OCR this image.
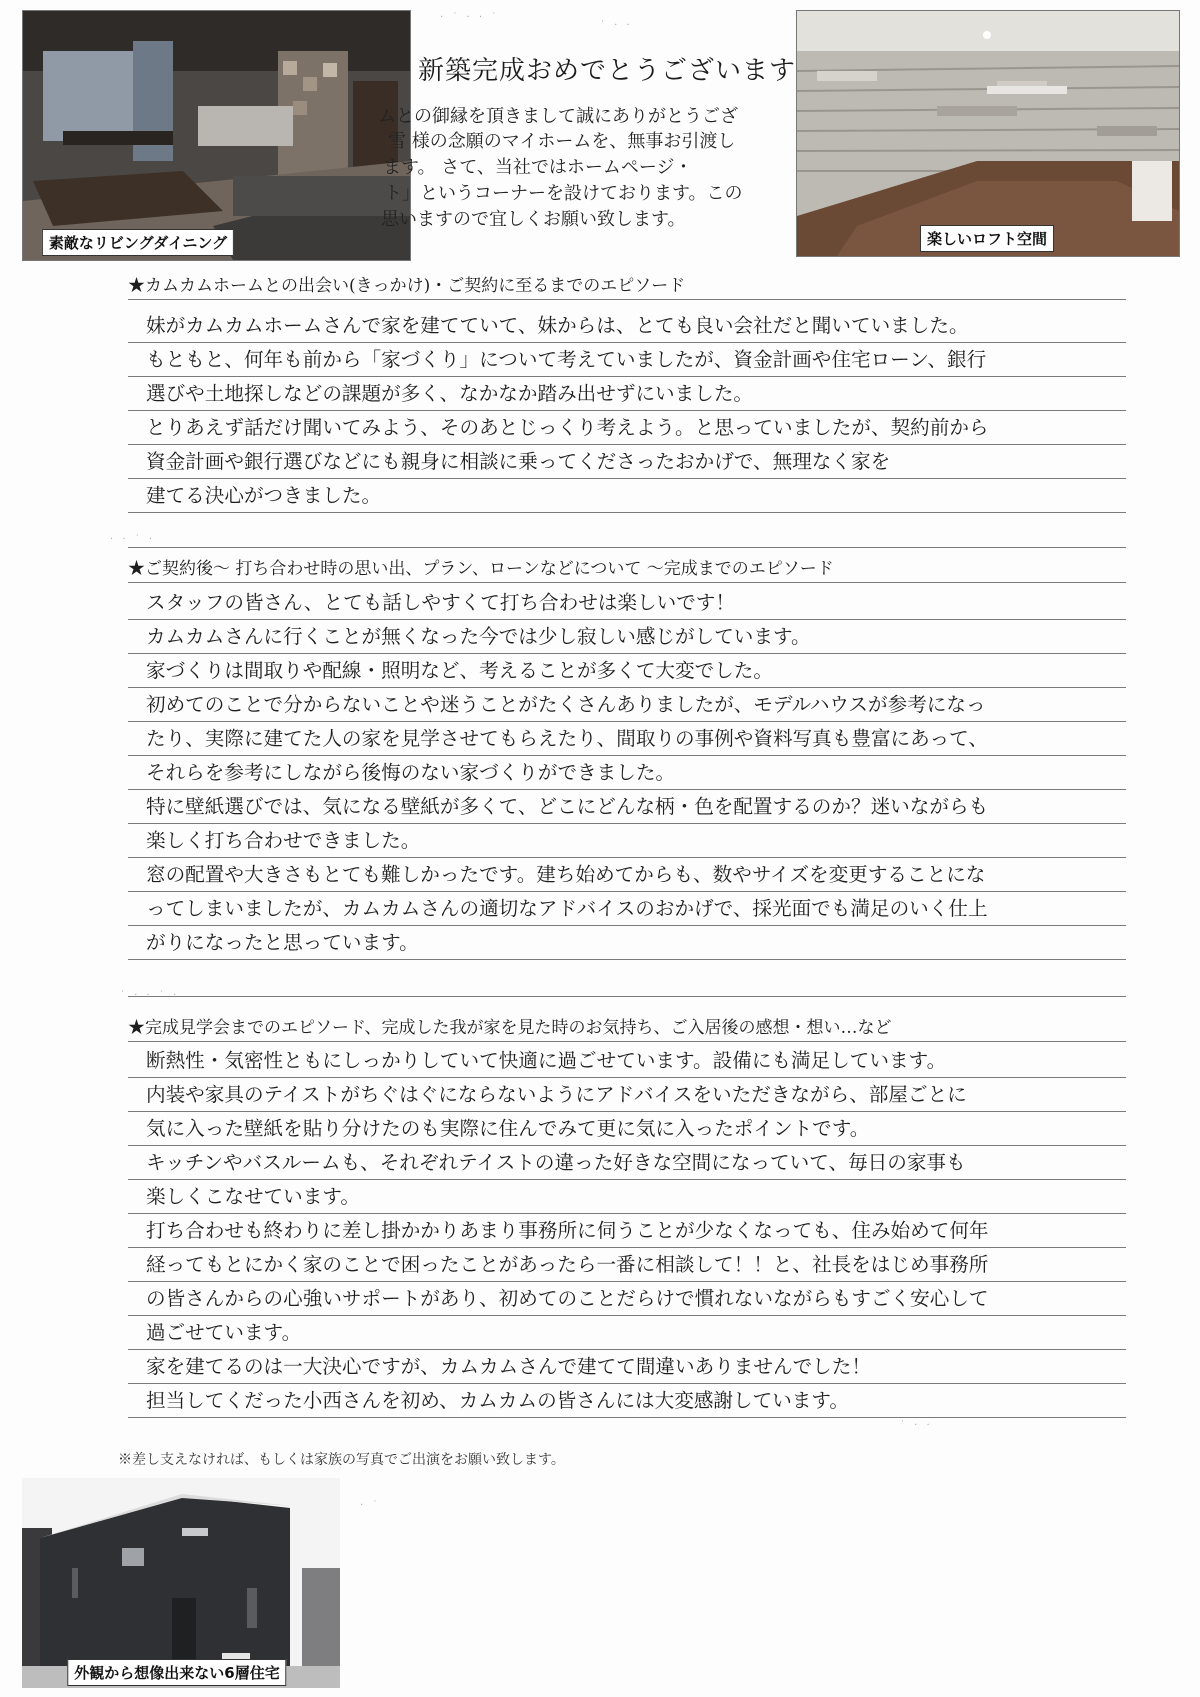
素敵なリビングダイニング	楽しいロフト空間
外観から想像出来ない6層住宅
新築完成おめでとうございます
ムとの御縁を頂きまして誠にありがとうござ
雪 様の念願のマイホームを、無事お引渡し
ます。 さて、当社ではホームページ・
ト」というコーナーを設けております。この
思いますので宜しくお願い致します。
★カムカムホームとの出会い(きっかけ)・ご契約に至るまでのエピソード
妹がカムカムホームさんで家を建てていて、妹からは、とても良い会社だと聞いていました。
もともと、何年も前から「家づくり」について考えていましたが、資金計画や住宅ローン、銀行
選びや土地探しなどの課題が多く、なかなか踏み出せずにいました。
とりあえず話だけ聞いてみよう、そのあとじっくり考えよう。と思っていましたが、契約前から
資金計画や銀行選びなどにも親身に相談に乗ってくださったおかげで、無理なく家を
建てる決心がつきました。
★ご契約後～ 打ち合わせ時の思い出、プラン、ローンなどについて ～完成までのエピソード
スタッフの皆さん、とても話しやすくて打ち合わせは楽しいです！
カムカムさんに行くことが無くなった今では少し寂しい感じがしています。
家づくりは間取りや配線・照明など、考えることが多くて大変でした。
初めてのことで分からないことや迷うことがたくさんありましたが、モデルハウスが参考になっ
たり、実際に建てた人の家を見学させてもらえたり、間取りの事例や資料写真も豊富にあって、
それらを参考にしながら後悔のない家づくりができました。
特に壁紙選びでは、気になる壁紙が多くて、どこにどんな柄・色を配置するのか？迷いながらも
楽しく打ち合わせできました。
窓の配置や大きさもとても難しかったです。建ち始めてからも、数やサイズを変更することにな
ってしまいましたが、カムカムさんの適切なアドバイスのおかげで、採光面でも満足のいく仕上
がりになったと思っています。
★完成見学会までのエピソード、完成した我が家を見た時のお気持ち、ご入居後の感想・想い…など
断熱性・気密性ともにしっかりしていて快適に過ごせています。設備にも満足しています。
内装や家具のテイストがちぐはぐにならないようにアドバイスをいただきながら、部屋ごとに
気に入った壁紙を貼り分けたのも実際に住んでみて更に気に入ったポイントです。
キッチンやバスルームも、それぞれテイストの違った好きな空間になっていて、毎日の家事も
楽しくこなせています。
打ち合わせも終わりに差し掛かかりあまり事務所に伺うことが少なくなっても、住み始めて何年
経ってもとにかく家のことで困ったことがあったら一番に相談して！！と、社長をはじめ事務所
の皆さんからの心強いサポートがあり、初めてのことだらけで慣れないながらもすごく安心して
過ごせています。
家を建てるのは一大決心ですが、カムカムさんで建てて間違いありませんでした！
担当してくだった小西さんを初め、カムカムの皆さんには大変感謝しています。
※差し支えなければ、もしくは家族の写真でご出演をお願い致します。
· ˙ · · ˙
˙ · ·
· · ˙ ·
˙ · · ˙ ·
· ˙
˙ · ·
